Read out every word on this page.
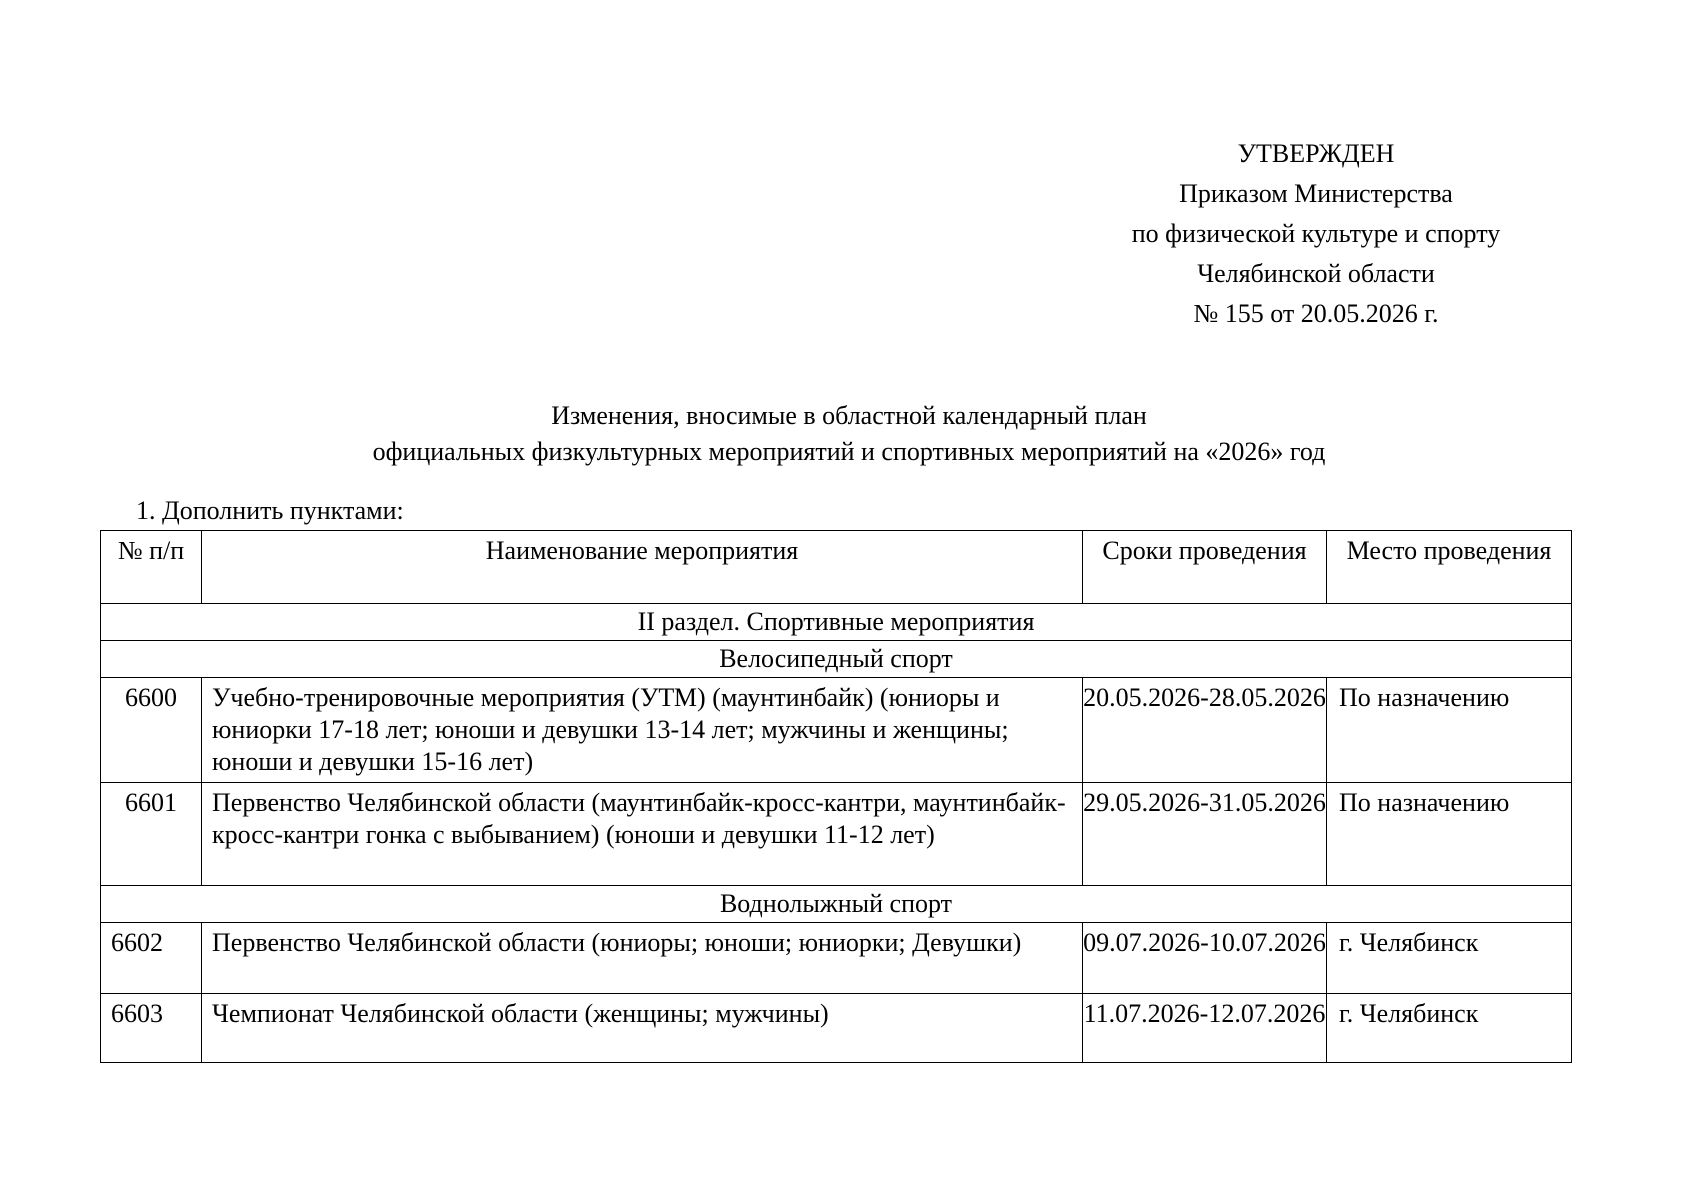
УТВЕРЖДЕН
Приказом Министерства
по физической культуре и спорту
Челябинской области
№ 155 от 20.05.2026 г.
Изменения, вносимые в областной календарный план
официальных физкультурных мероприятий и спортивных мероприятий на «2026» год
1. Дополнить пунктами:
№ п/п	Наименование мероприятия	Сроки проведения	Место проведения

II раздел. Спортивные мероприятия			

Велосипедный спорт			

6600	Учебно-тренировочные мероприятия (УТМ) (маунтинбайк) (юниоры и юниорки 17-18 лет; юноши и девушки 13-14 лет; мужчины и женщины; юноши и девушки 15-16 лет)	20.05.2026-28.05.2026	По назначению

6601	Первенство Челябинской области (маунтинбайк-кросс-кантри, маунтинбайк-кросс-кантри гонка с выбыванием) (юноши и девушки 11-12 лет)	29.05.2026-31.05.2026	По назначению

Воднолыжный спорт			

6602	Первенство Челябинской области (юниоры; юноши; юниорки; Девушки)	09.07.2026-10.07.2026	г. Челябинск

6603	Чемпионат Челябинской области (женщины; мужчины)	11.07.2026-12.07.2026	г. Челябинск
